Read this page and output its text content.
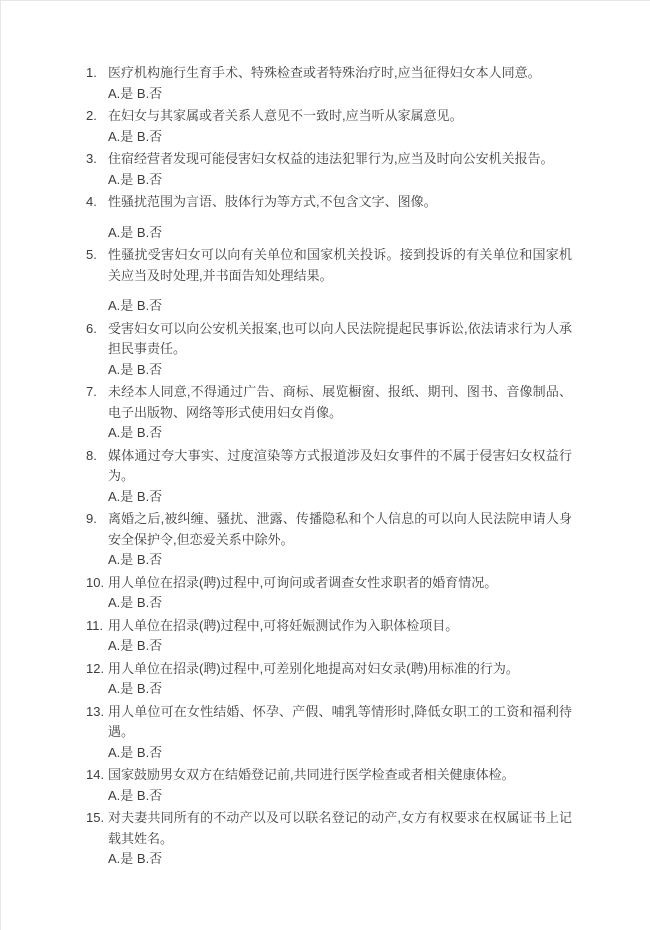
1. 医疗机构施行生育手术、特殊检查或者特殊治疗时,应当征得妇女本人同意。
A.是 B.否
2. 在妇女与其家属或者关系人意见不一致时,应当听从家属意见。
A.是 B.否
3. 住宿经营者发现可能侵害妇女权益的违法犯罪行为,应当及时向公安机关报告。
A.是 B.否
4. 性骚扰范围为言语、肢体行为等方式,不包含文字、图像。
A.是 B.否
5. 性骚扰受害妇女可以向有关单位和国家机关投诉。接到投诉的有关单位和国家机关应当及时处理,并书面告知处理结果。
A.是 B.否
6. 受害妇女可以向公安机关报案,也可以向人民法院提起民事诉讼,依法请求行为人承担民事责任。
A.是 B.否
7. 未经本人同意,不得通过广告、商标、展览橱窗、报纸、期刊、图书、音像制品、电子出版物、网络等形式使用妇女肖像。
A.是 B.否
8. 媒体通过夸大事实、过度渲染等方式报道涉及妇女事件的不属于侵害妇女权益行为。
A.是 B.否
9. 离婚之后,被纠缠、骚扰、泄露、传播隐私和个人信息的可以向人民法院申请人身安全保护令,但恋爱关系中除外。
A.是 B.否
10. 用人单位在招录(聘)过程中,可询问或者调查女性求职者的婚育情况。
A.是 B.否
11. 用人单位在招录(聘)过程中,可将妊娠测试作为入职体检项目。
A.是 B.否
12. 用人单位在招录(聘)过程中,可差别化地提高对妇女录(聘)用标准的行为。
A.是 B.否
13. 用人单位可在女性结婚、怀孕、产假、哺乳等情形时,降低女职工的工资和福利待遇。
A.是 B.否
14. 国家鼓励男女双方在结婚登记前,共同进行医学检查或者相关健康体检。
A.是 B.否
15. 对夫妻共同所有的不动产以及可以联名登记的动产,女方有权要求在权属证书上记载其姓名。
A.是 B.否
